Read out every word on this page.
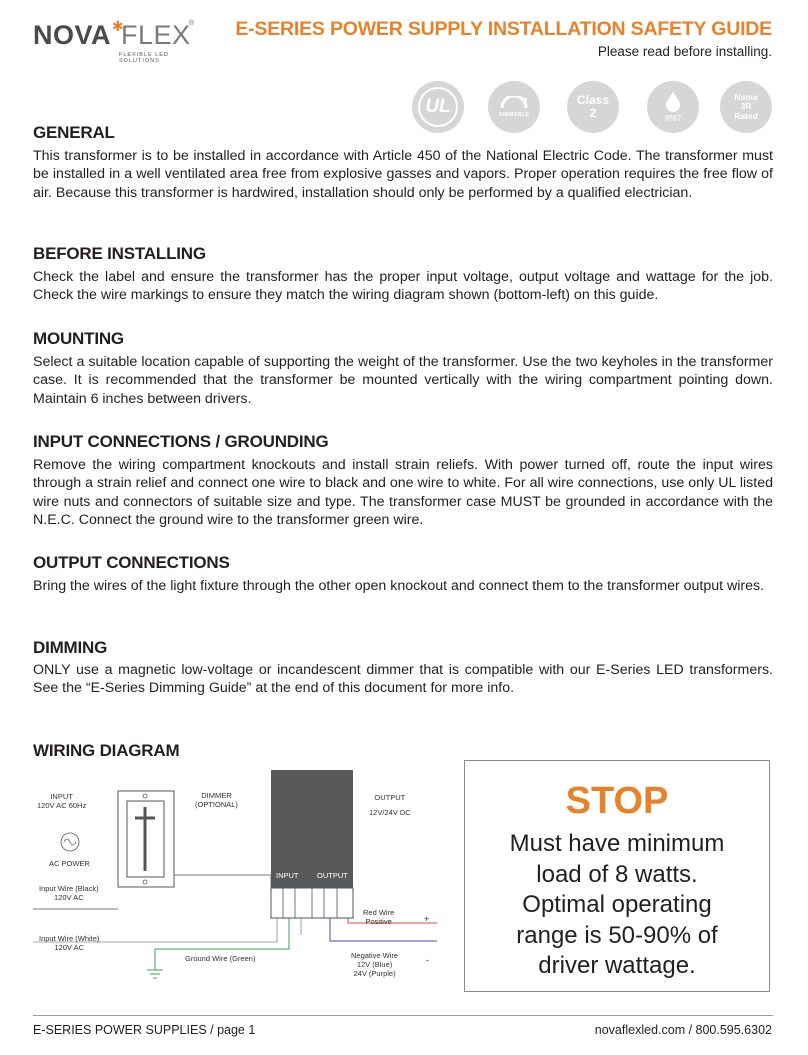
NOVA ✱
FLEX
®
FLEXIBLE LED SOLUTIONS
E-SERIES POWER SUPPLY INSTALLATION SAFETY GUIDE
Please read before installing.
UL	DIMMABLE
Class
2	IP67
Nema
3R
Rated
GENERAL
This transformer is to be installed in accordance with Article 450 of the National Electric Code. The transformer must be installed in a well ventilated area free from explosive gasses and vapors. Proper operation requires the free flow of air. Because this transformer is hardwired, installation should only be performed by a qualified electrician.
BEFORE INSTALLING
Check the label and ensure the transformer has the proper input voltage, output voltage and wattage for the job. Check the wire markings to ensure they match the wiring diagram shown (bottom-left) on this guide.
MOUNTING
Select a suitable location capable of supporting the weight of the transformer. Use the two keyholes in the transformer case. It is recommended that the transformer be mounted vertically with the wiring compartment pointing down. Maintain 6 inches between drivers.
INPUT CONNECTIONS / GROUNDING
Remove the wiring compartment knockouts and install strain reliefs. With power turned off, route the input wires through a strain relief and connect one wire to black and one wire to white. For all wire connections, use only UL listed wire nuts and connectors of suitable size and type. The transformer case MUST be grounded in accordance with the N.E.C. Connect the ground wire to the transformer green wire.
OUTPUT CONNECTIONS
Bring the wires of the light fixture through the other open knockout and connect them to the transformer output wires.
DIMMING
ONLY use a magnetic low-voltage or incandescent dimmer that is compatible with our E-Series LED transformers. See the “E-Series Dimming Guide” at the end of this document for more info.
WIRING DIAGRAM
INPUT
120V AC 60Hz
DIMMER
(OPTIONAL)
OUTPUT
12V/24V DC
AC POWER
Input Wire (Black)
120V AC
Input Wire (White)
120V AC
Ground Wire (Green)
INPUT OUTPUT
Red Wire
Positive
Negative Wire
12V (Blue)
24V (Purple)
+
-
STOP
Must have minimum
load of 8 watts.
Optimal operating
range is 50-90% of
driver wattage.
E-SERIES POWER SUPPLIES / page 1	novaflexled.com / 800.595.6302
